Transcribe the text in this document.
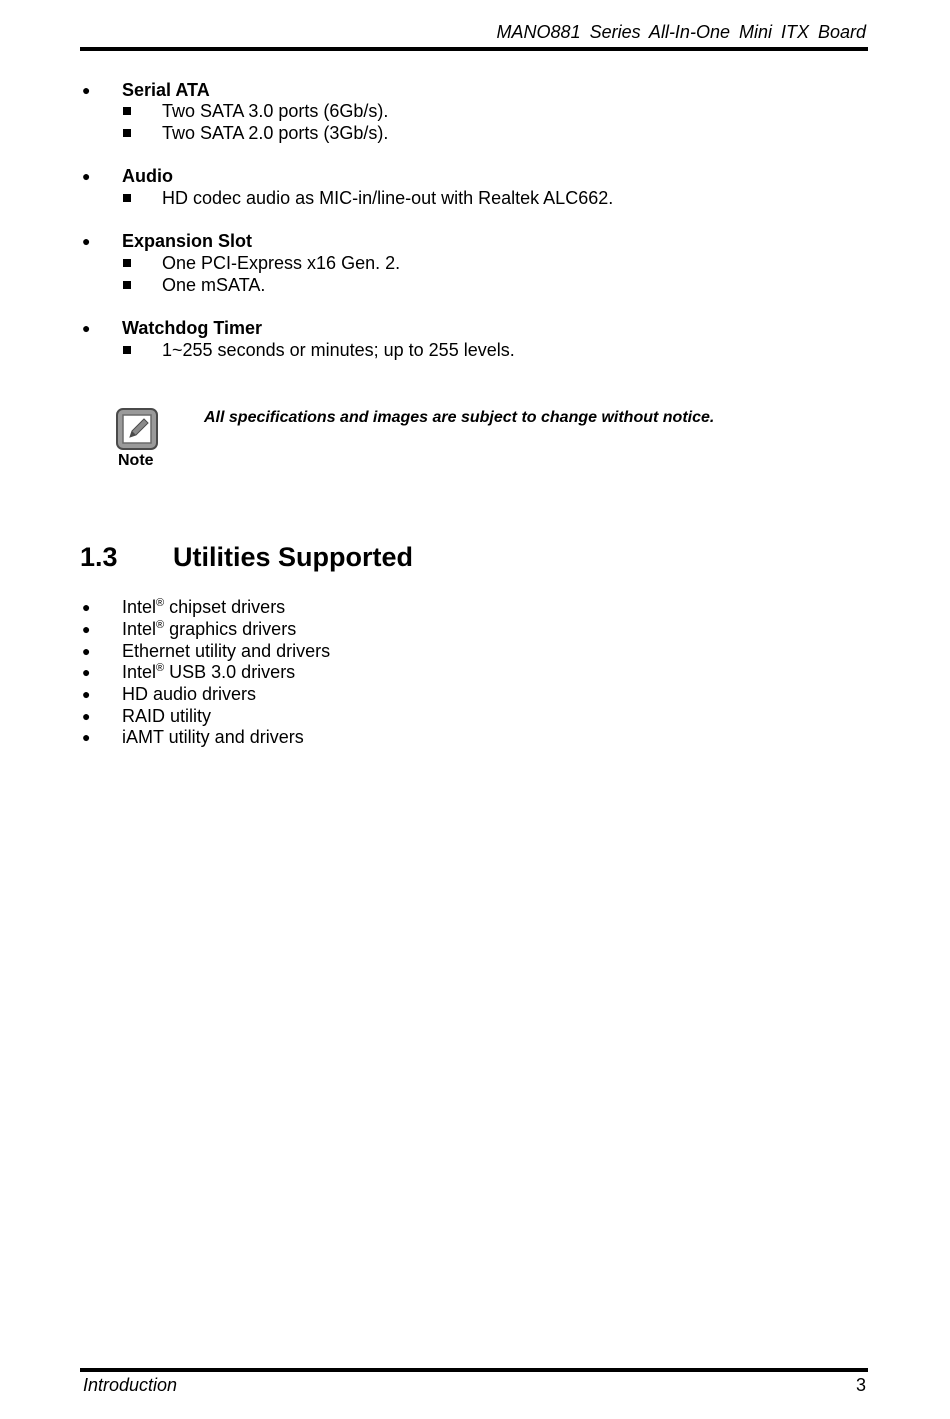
MANO881 Series All-In-One Mini ITX Board
● Serial ATA
Two SATA 3.0 ports (6Gb/s).
Two SATA 2.0 ports (3Gb/s).
● Audio
HD codec audio as MIC-in/line-out with Realtek ALC662.
● Expansion Slot
One PCI-Express x16 Gen. 2.
One mSATA.
● Watchdog Timer
1~255 seconds or minutes; up to 255 levels.
Note
All specifications and images are subject to change without notice.
1.3 Utilities Supported
● Intel® chipset drivers
● Intel® graphics drivers
● Ethernet utility and drivers
● Intel® USB 3.0 drivers
● HD audio drivers
● RAID utility
● iAMT utility and drivers
Introduction	3
